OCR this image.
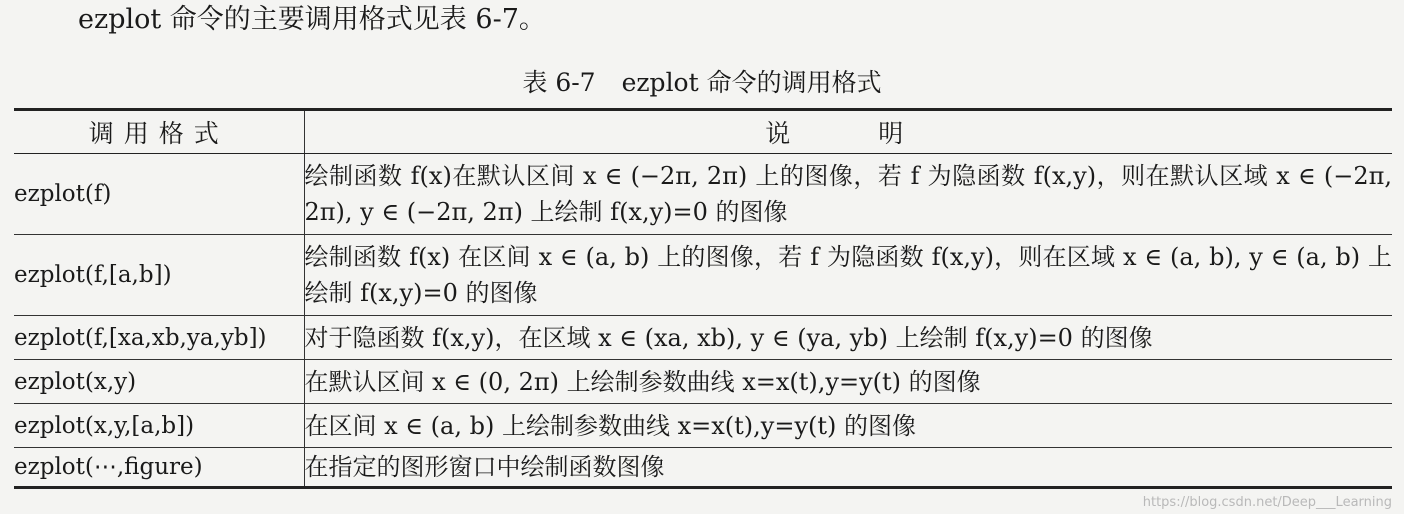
ezplot 命令的主要调用格式见表 6-7。
表 6-7 ezplot 命令的调用格式
调用格式	说明
ezplot(f)	绘制函数 f(x)在默认区间 x ∈ (−2π, 2π) 上的图像，若 f 为隐函数 f(x,y)，则在默认区域 x ∈ (−2π, 2π), y ∈ (−2π, 2π) 上绘制 f(x,y)=0 的图像
ezplot(f,[a,b])	绘制函数 f(x) 在区间 x ∈ (a, b) 上的图像，若 f 为隐函数 f(x,y)，则在区域 x ∈ (a, b), y ∈ (a, b) 上绘制 f(x,y)=0 的图像
ezplot(f,[xa,xb,ya,yb])	对于隐函数 f(x,y)，在区域 x ∈ (xa, xb), y ∈ (ya, yb) 上绘制 f(x,y)=0 的图像
ezplot(x,y)	在默认区间 x ∈ (0, 2π) 上绘制参数曲线 x=x(t),y=y(t) 的图像
ezplot(x,y,[a,b])	在区间 x ∈ (a, b) 上绘制参数曲线 x=x(t),y=y(t) 的图像
ezplot(⋯,figure)	在指定的图形窗口中绘制函数图像
https://blog.csdn.net/Deep___Learning
